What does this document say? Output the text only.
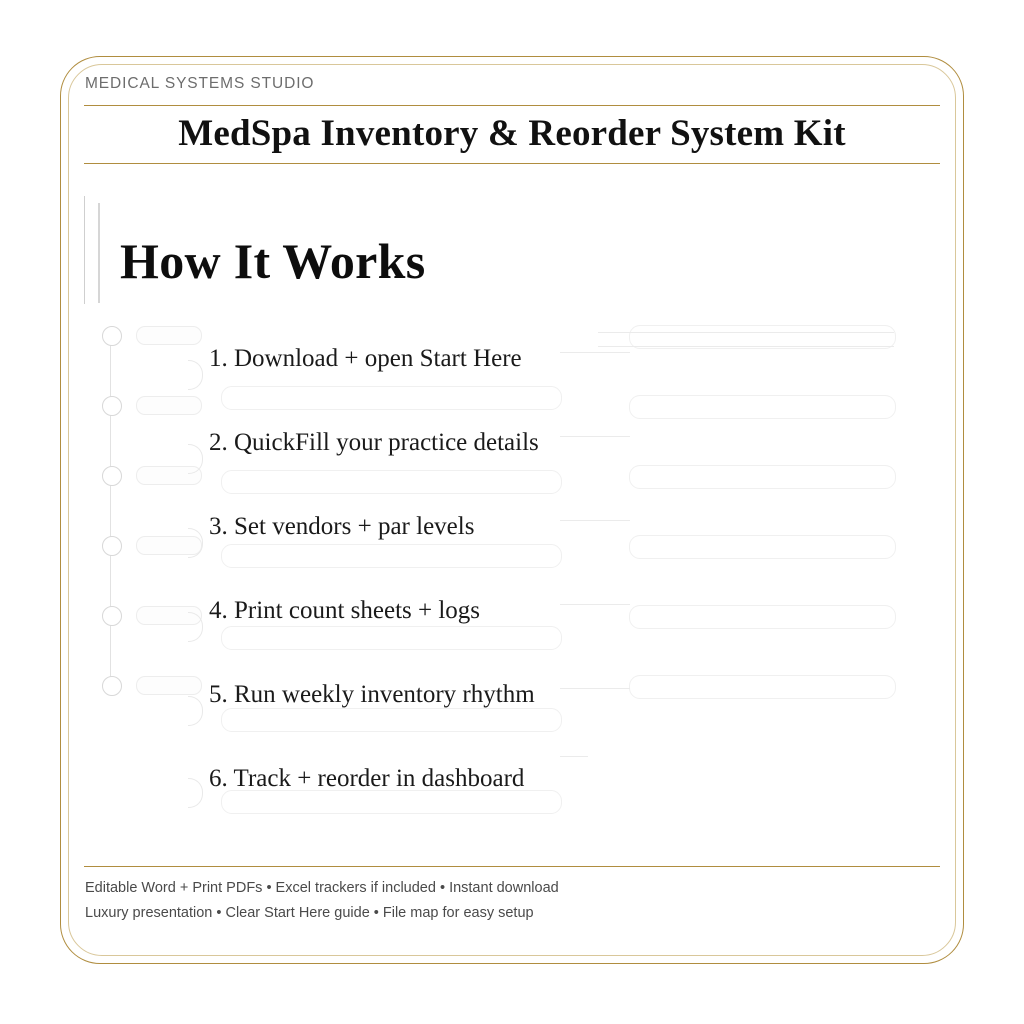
MEDICAL SYSTEMS STUDIO
MedSpa Inventory & Reorder System Kit
How It Works
1. Download + open Start Here
2. QuickFill your practice details
3. Set vendors + par levels
4. Print count sheets + logs
5. Run weekly inventory rhythm
6. Track + reorder in dashboard
Editable Word + Print PDFs • Excel trackers if included • Instant download
Luxury presentation • Clear Start Here guide • File map for easy setup
